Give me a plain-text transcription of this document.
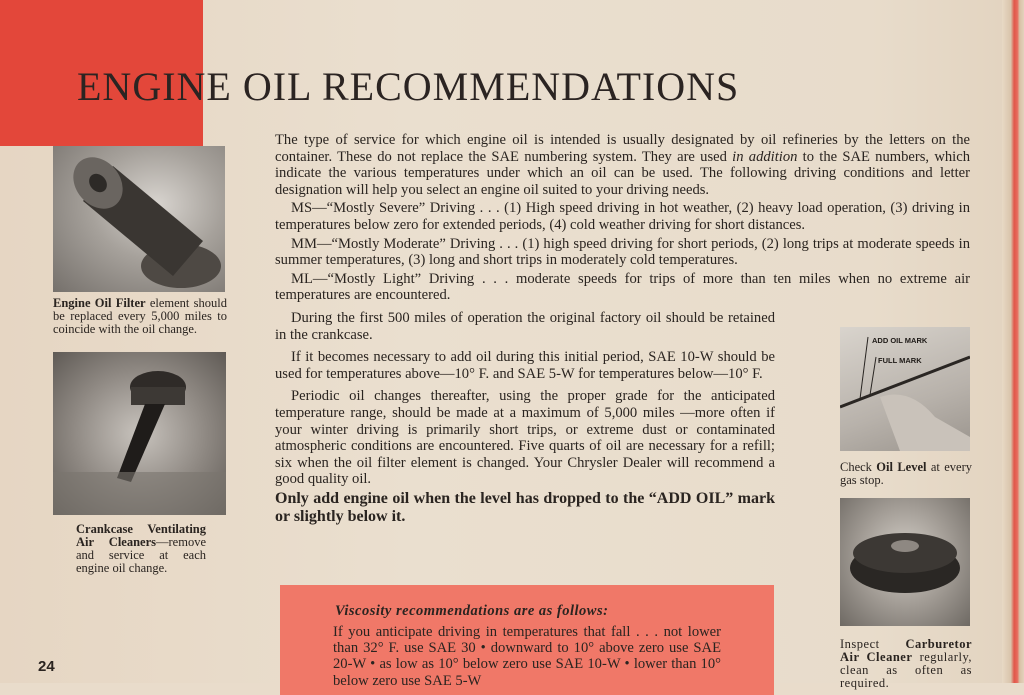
ENGINE OIL RECOMMENDATIONS
Engine Oil Filter element should be replaced every 5,000 miles to coincide with the oil change.
Crankcase Ventilating Air Cleaners—remove and service at each engine oil change.

The type of service for which engine oil is intended is usually designated by oil refineries by the letters on the container. These do not replace the SAE numbering system. They are used in addition to the SAE numbers, which indicate the various temperatures under which an oil can be used. The following driving conditions and letter designation will help you select an engine oil suited to your driving needs.

MS—“Mostly Severe” Driving . . . (1) High speed driving in hot weather, (2) heavy load operation, (3) driving in temperatures below zero for extended periods, (4) cold weather driving for short distances.

MM—“Mostly Moderate” Driving . . . (1) high speed driving for short periods, (2) long trips at moderate speeds in summer temperatures, (3) long and short trips in moderately cold temperatures.

ML—“Mostly Light” Driving . . . moderate speeds for trips of more than ten miles when no extreme air temperatures are encountered.

During the first 500 miles of operation the original factory oil should be retained in the crankcase.

If it becomes necessary to add oil during this initial period, SAE 10-W should be used for temperatures above—10° F. and SAE 5-W for temperatures below—10° F.

Periodic oil changes thereafter, using the proper grade for the anticipated temperature range, should be made at a maximum of 5,000 miles —more often if your winter driving is primarily short trips, or extreme dust or contaminated atmospheric conditions are encountered. Five quarts of oil are necessary for a refill; six when the oil filter element is changed. Your Chrysler Dealer will recommend a good quality oil.

Only add engine oil when the level has dropped to the “ADD OIL” mark or slightly below it.

ADD OIL MARK
FULL MARK
Check Oil Level at every gas stop.
Inspect Carburetor Air Cleaner regularly, clean as often as required.
Viscosity recommendations are as follows:
If you anticipate driving in temperatures that fall . . . not lower than 32° F. use SAE 30 • downward to 10° above zero use SAE 20-W • as low as 10° below zero use SAE 10-W • lower than 10° below zero use SAE 5-W
24
